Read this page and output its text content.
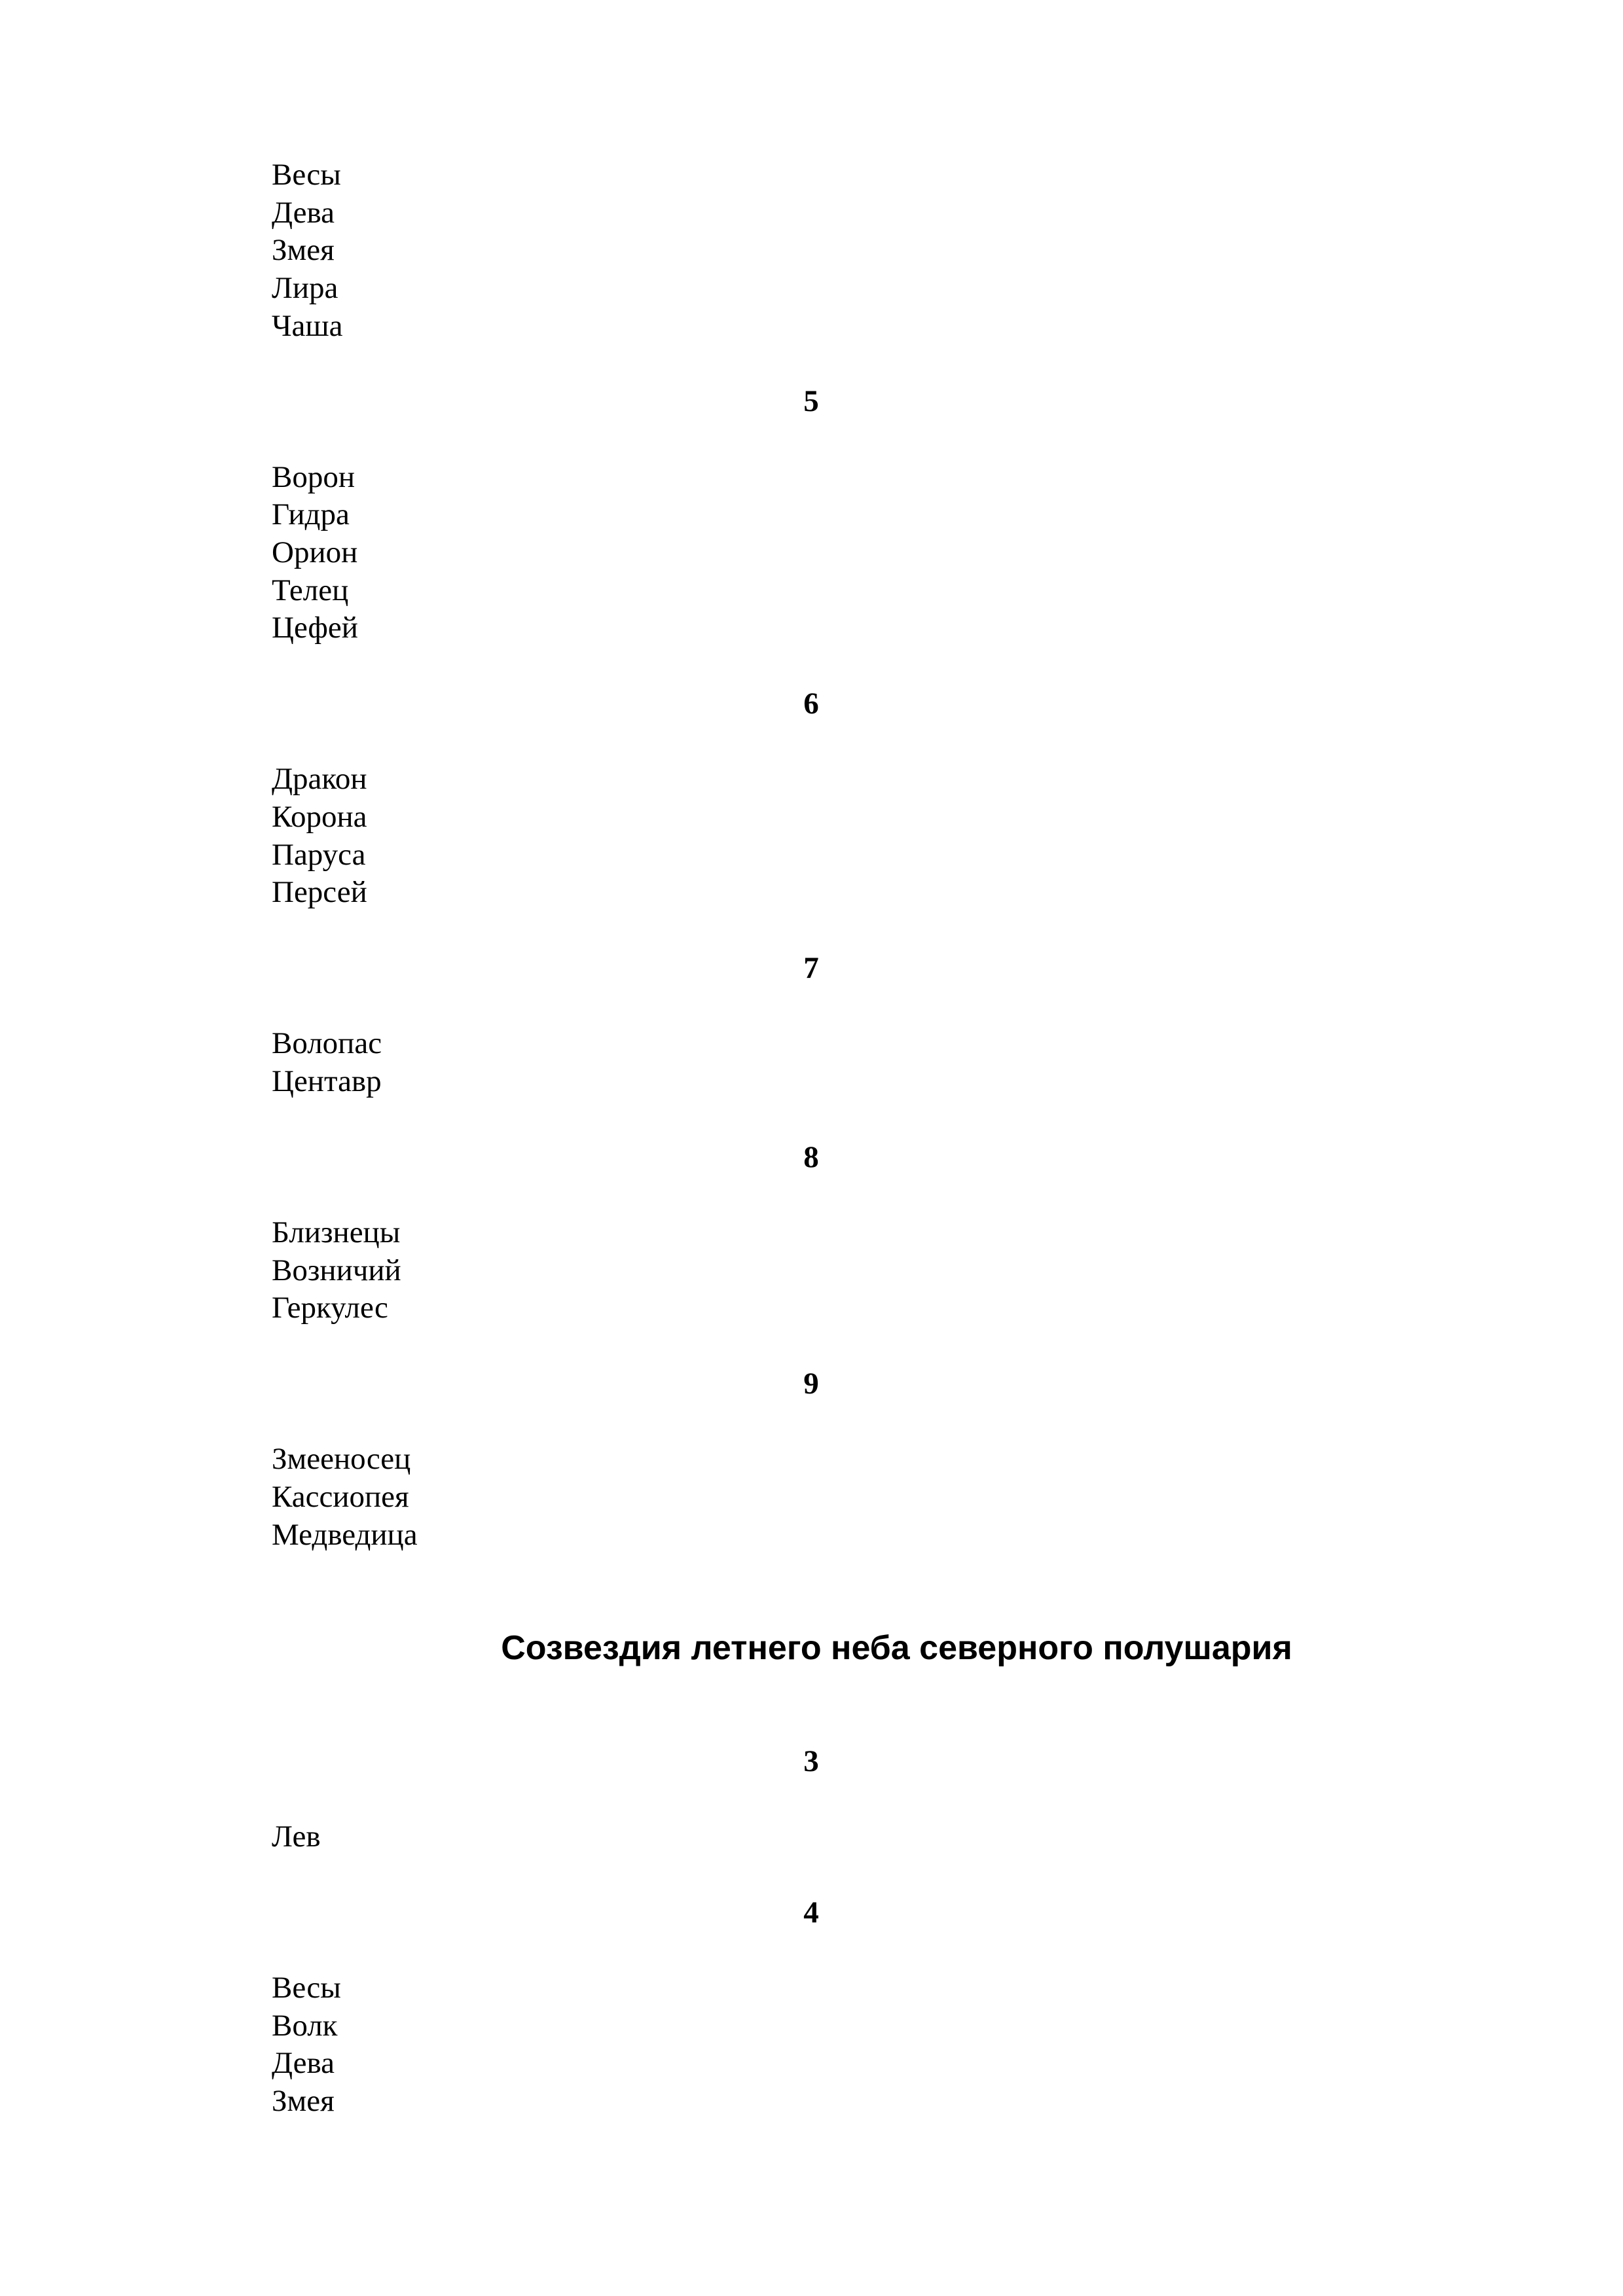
Весы
Дева
Змея
Лира
Чаша
5
Ворон
Гидра
Орион
Телец
Цефей
6
Дракон
Корона
Паруса
Персей
7
Волопас
Центавр
8
Близнецы
Возничий
Геркулес
9
Змееносец
Кассиопея
Медведица
Созвездия летнего неба северного полушария
3
Лев
4
Весы
Волк
Дева
Змея
